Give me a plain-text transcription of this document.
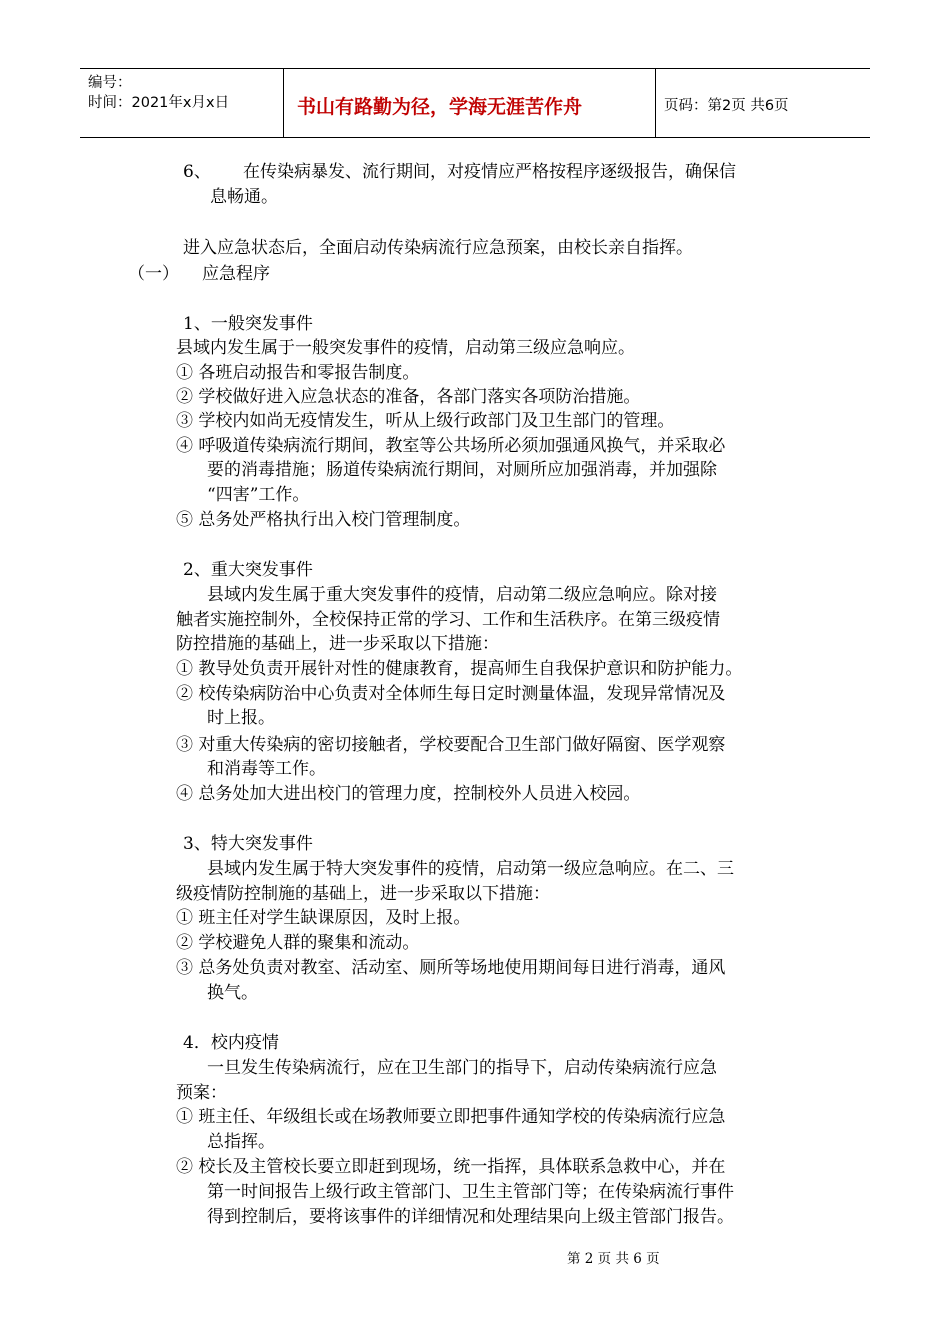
编号：
时间：2021年x月x日	书山有路勤为径，学海无涯苦作舟	页码：第2页 共6页
6、 在传染病暴发、流行期间，对疫情应严格按程序逐级报告，确保信
息畅通。
进入应急状态后，全面启动传染病流行应急预案，由校长亲自指挥。
（一） 应急程序
1、一般突发事件
县域内发生属于一般突发事件的疫情，启动第三级应急响应。
① 各班启动报告和零报告制度。
② 学校做好进入应急状态的准备，各部门落实各项防治措施。
③ 学校内如尚无疫情发生，听从上级行政部门及卫生部门的管理。
④ 呼吸道传染病流行期间，教室等公共场所必须加强通风换气，并采取必
要的消毒措施；肠道传染病流行期间，对厕所应加强消毒，并加强除
“四害”工作。
⑤ 总务处严格执行出入校门管理制度。
2、重大突发事件
县域内发生属于重大突发事件的疫情，启动第二级应急响应。除对接
触者实施控制外，全校保持正常的学习、工作和生活秩序。在第三级疫情
防控措施的基础上，进一步采取以下措施：
① 教导处负责开展针对性的健康教育，提高师生自我保护意识和防护能力。
② 校传染病防治中心负责对全体师生每日定时测量体温，发现异常情况及
时上报。
③ 对重大传染病的密切接触者，学校要配合卫生部门做好隔窗、医学观察
和消毒等工作。
④ 总务处加大进出校门的管理力度，控制校外人员进入校园。
3、特大突发事件
县域内发生属于特大突发事件的疫情，启动第一级应急响应。在二、三
级疫情防控制施的基础上，进一步采取以下措施：
① 班主任对学生缺课原因，及时上报。
② 学校避免人群的聚集和流动。
③ 总务处负责对教室、活动室、厕所等场地使用期间每日进行消毒，通风
换气。
4．校内疫情
一旦发生传染病流行，应在卫生部门的指导下，启动传染病流行应急
预案：
① 班主任、年级组长或在场教师要立即把事件通知学校的传染病流行应急
总指挥。
② 校长及主管校长要立即赶到现场，统一指挥，具体联系急救中心，并在
第一时间报告上级行政主管部门、卫生主管部门等；在传染病流行事件
得到控制后，要将该事件的详细情况和处理结果向上级主管部门报告。
第 2 页 共 6 页
